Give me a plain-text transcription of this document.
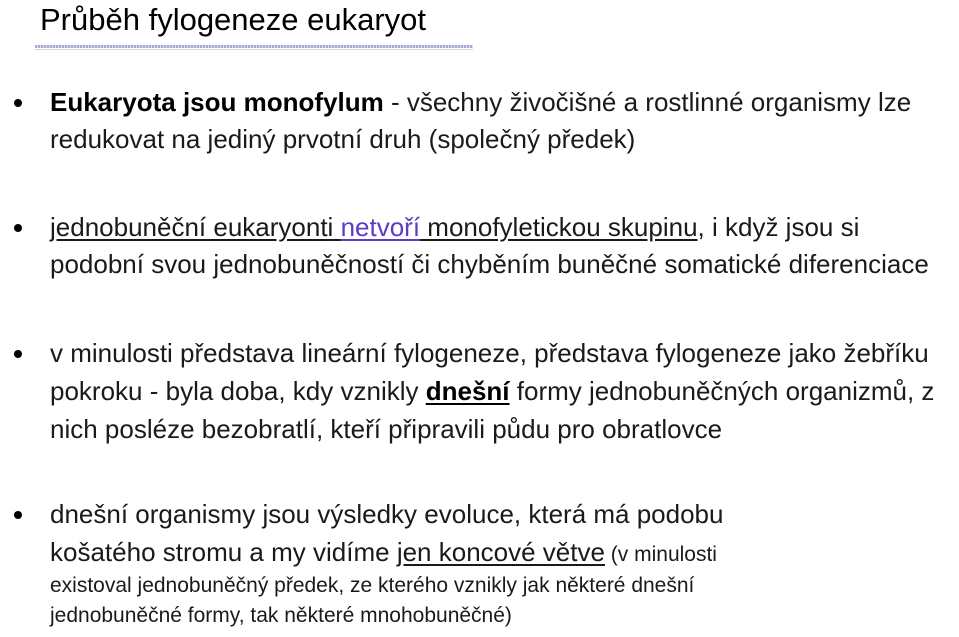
Průběh fylogeneze eukaryot
Eukaryota jsou monofylum - všechny živočišné a rostlinné organismy lze redukovat na jediný prvotní druh (společný předek)
jednobuněční eukaryonti netvoří monofyletickou skupinu, i když jsou si podobní svou jednobuněčností či chyběním buněčné somatické diferenciace
v minulosti představa lineární fylogeneze, představa fylogeneze jako žebříku pokroku - byla doba, kdy vznikly dnešní formy jednobuněčných organizmů, z nich posléze bezobratlí, kteří připravili půdu pro obratlovce
dnešní organismy jsou výsledky evoluce, která má podobu
košatého stromu a my vidíme jen koncové větve (v minulosti
existoval jednobuněčný předek, ze kterého vznikly jak některé dnešní
jednobuněčné formy, tak některé mnohobuněčné)
